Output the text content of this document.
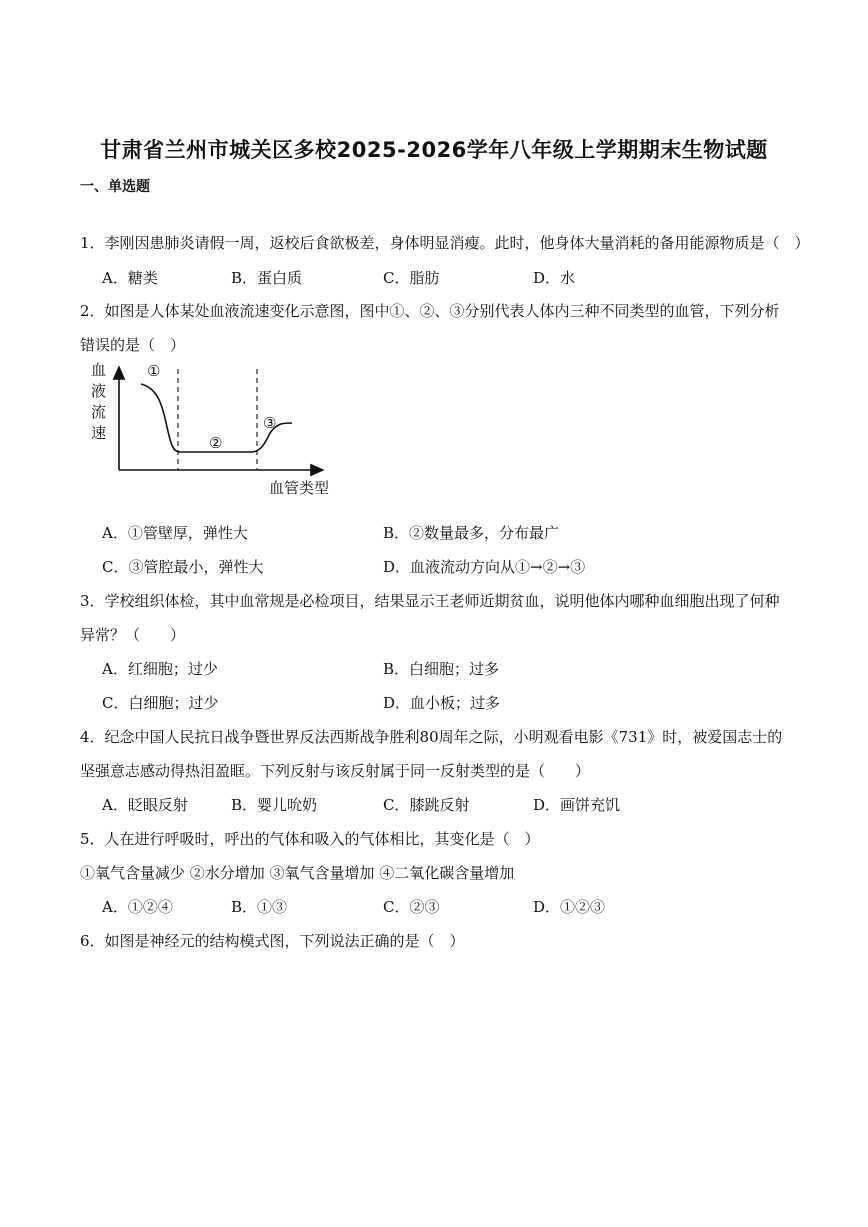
甘肃省兰州市城关区多校2025-2026学年八年级上学期期末生物试题
一、单选题
1．李刚因患肺炎请假一周，返校后食欲极差，身体明显消瘦。此时，他身体大量消耗的备用能源物质是（　）
A．糖类	B．蛋白质	C．脂肪	D．水
2．如图是人体某处血液流速变化示意图，图中①、②、③分别代表人体内三种不同类型的血管，下列分析
错误的是（　）
血
液
流
速
血管类型
①
②
③
A．①管壁厚，弹性大	B．②数量最多，分布最广
C．③管腔最小，弹性大	D．血液流动方向从①→②→③
3．学校组织体检，其中血常规是必检项目，结果显示王老师近期贫血，说明他体内哪种血细胞出现了何种
异常？（　　）
A．红细胞；过少	B．白细胞；过多
C．白细胞；过少	D．血小板；过多
4．纪念中国人民抗日战争暨世界反法西斯战争胜利80周年之际，小明观看电影《731》时，被爱国志士的
坚强意志感动得热泪盈眶。下列反射与该反射属于同一反射类型的是（　　）
A．眨眼反射	B．婴儿吮奶	C．膝跳反射	D．画饼充饥
5．人在进行呼吸时，呼出的气体和吸入的气体相比，其变化是（　）
①氧气含量减少 ②水分增加 ③氧气含量增加 ④二氧化碳含量增加
A．①②④	B．①③	C．②③	D．①②③
6．如图是神经元的结构模式图，下列说法正确的是（　）
